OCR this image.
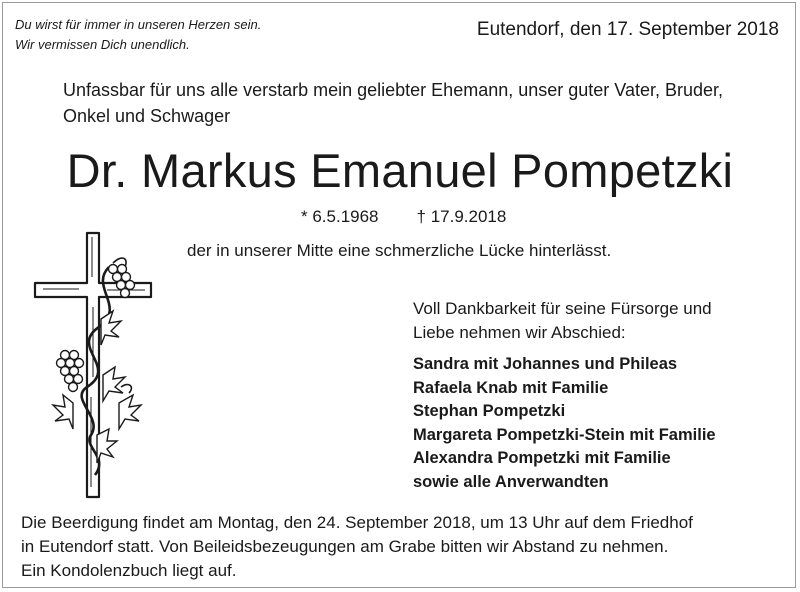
Du wirst für immer in unseren Herzen sein.
Wir vermissen Dich unendlich.
Eutendorf, den 17. September 2018
Unfassbar für uns alle verstarb mein geliebter Ehemann, unser guter Vater, Bruder,
Onkel und Schwager
Dr. Markus Emanuel Pompetzki
* 6.5.1968 † 17.9.2018
der in unserer Mitte eine schmerzliche Lücke hinterlässt.
Voll Dankbarkeit für seine Fürsorge und
Liebe nehmen wir Abschied:
Sandra mit Johannes und Phileas
Rafaela Knab mit Familie
Stephan Pompetzki
Margareta Pompetzki-Stein mit Familie
Alexandra Pompetzki mit Familie
sowie alle Anverwandten
Die Beerdigung findet am Montag, den 24. September 2018, um 13 Uhr auf dem Friedhof
in Eutendorf statt. Von Beileidsbezeugungen am Grabe bitten wir Abstand zu nehmen.
Ein Kondolenzbuch liegt auf.
